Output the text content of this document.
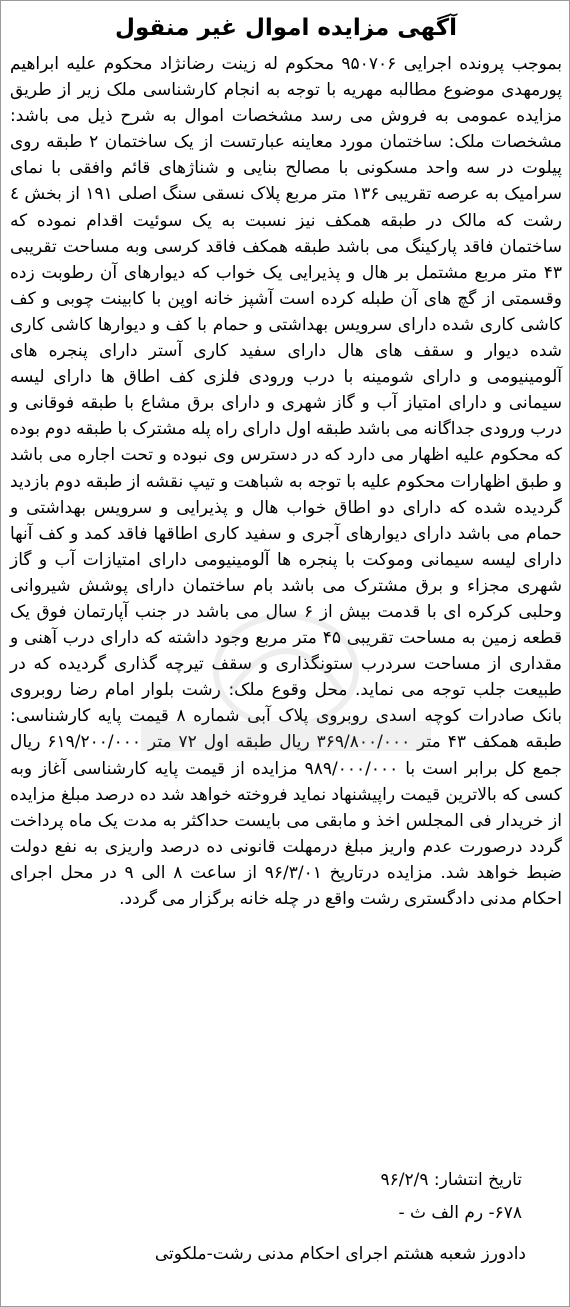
آگهی مزایده اموال غیر منقول
بموجب پرونده اجرایی ۹۵۰۷۰۶ محکوم له زینت رضانژاد محکوم علیه ابراهیم پورمهدی موضوع مطالبه مهریه با توجه به انجام کارشناسی ملک زیر از طریق مزایده عمومی به فروش می رسد مشخصات اموال به شرح ذیل می باشد: مشخصات ملک: ساختمان مورد معاینه عبارتست از یک ساختمان ۲ طبقه روی پیلوت در سه واحد مسکونی با مصالح بنایی و شناژهای قائم وافقی با نمای سرامیک به عرصه تقریبی ۱۳۶ متر مربع پلاک نسقی سنگ اصلی ۱۹۱ از بخش ٤ رشت که مالک در طبقه همکف نیز نسبت به یک سوئیت اقدام نموده که ساختمان فاقد پارکینگ می باشد طبقه همکف فاقد کرسی وبه مساحت تقریبی ۴۳ متر مربع مشتمل بر هال و پذیرایی یک خواب که دیوارهای آن رطوبت زده وقسمتی از گچ های آن طبله کرده است آشپز خانه اوپن با کابینت چوبی و کف کاشی کاری شده دارای سرویس بهداشتی و حمام با کف و دیوارها کاشی کاری شده دیوار و سقف های هال دارای سفید کاری آستر دارای پنجره های آلومینیومی و دارای شومینه با درب ورودی فلزی کف اطاق ها دارای لیسه سیمانی و دارای امتیاز آب و گاز شهری و دارای برق مشاع با طبقه فوقانی و درب ورودی جداگانه می باشد طبقه اول دارای راه پله مشترک با طبقه دوم بوده که محکوم علیه اظهار می دارد که در دسترس وی نبوده و تحت اجاره می باشد و طبق اظهارات محکوم علیه با توجه به شباهت و تیپ نقشه از طبقه دوم بازدید گردیده شده که دارای دو اطاق خواب هال و پذیرایی و سرویس بهداشتی و حمام می باشد دارای دیوارهای آجری و سفید کاری اطاقها فاقد کمد و کف آنها دارای لیسه سیمانی وموکت با پنجره ها آلومینیومی دارای امتیازات آب و گاز شهری مجزاء و برق مشترک می باشد بام ساختمان دارای پوشش شیروانی وحلبی کرکره ای با قدمت بیش از ۶ سال می باشد در جنب آپارتمان فوق یک قطعه زمین به مساحت تقریبی ۴۵ متر مربع وجود داشته که دارای درب آهنی و مقداری از مساحت سردرب ستونگذاری و سقف تیرچه گذاری گردیده که در طبیعت جلب توجه می نماید. محل وقوع ملک: رشت بلوار امام رضا روبروی بانک صادرات کوچه اسدی روبروی پلاک آبی شماره ۸ قیمت پایه کارشناسی: طبقه همکف ۴۳ متر ۳۶۹/۸۰۰/۰۰۰ ریال طبقه اول ۷۲ متر ۶۱۹/۲۰۰/۰۰۰ ریال جمع کل برابر است با ۹۸۹/۰۰۰/۰۰۰ مزایده از قیمت پایه کارشناسی آغاز وبه کسی که بالاترین قیمت راپیشنهاد نماید فروخته خواهد شد ده درصد مبلغ مزایده از خریدار فی المجلس اخذ و مابقی می بایست حداکثر به مدت یک ماه پرداخت گردد درصورت عدم واریز مبلغ درمهلت قانونی ده درصد واریزی به نفع دولت ضبط خواهد شد. مزایده درتاریخ ۹۶/۳/۰۱ از ساعت ۸ الی ۹ در محل اجرای احکام مدنی دادگستری رشت واقع در چله خانه برگزار می گردد.
تاریخ انتشار: ۹۶/۲/۹
۶۷۸- رم الف ث -
دادورز شعبه هشتم اجرای احکام مدنی رشت-ملکوتی
